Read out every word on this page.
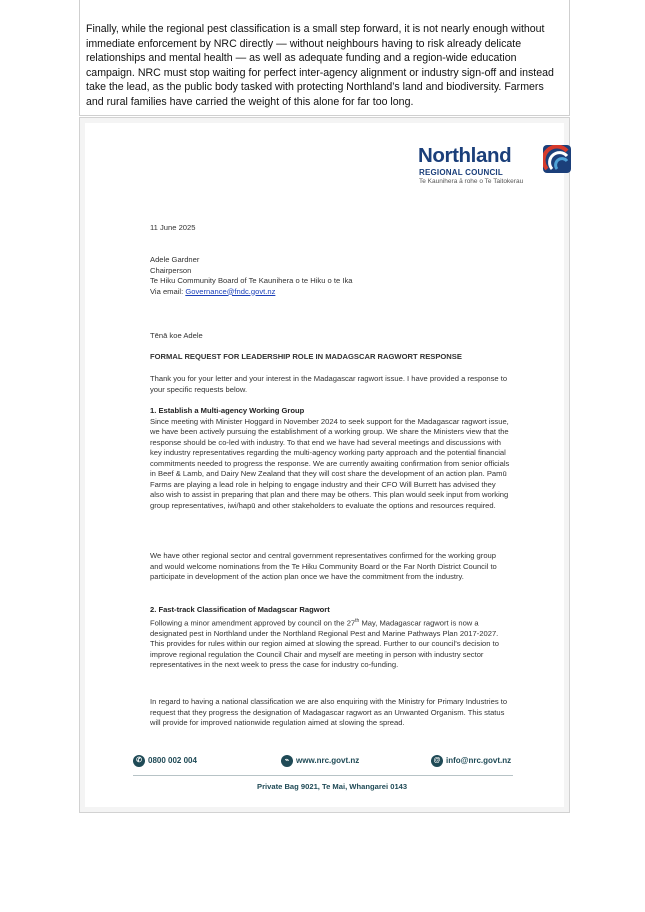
Finally, while the regional pest classification is a small step forward, it is not nearly enough without immediate enforcement by NRC directly — without neighbours having to risk already delicate relationships and mental health — as well as adequate funding and a region-wide education campaign. NRC must stop waiting for perfect inter-agency alignment or industry sign-off and instead take the lead, as the public body tasked with protecting Northland’s land and biodiversity. Farmers and rural families have carried the weight of this alone for far too long.
Northland
REGIONAL COUNCIL
Te Kaunihera ā rohe o Te Taitokerau
11 June 2025

Adele Gardner

Chairperson

Te Hiku Community Board of Te Kaunihera o te Hiku o te Ika

Via email: Governance@fndc.govt.nz

Tēnā koe Adele
FORMAL REQUEST FOR LEADERSHIP ROLE IN MADAGSCAR RAGWORT RESPONSE
Thank you for your letter and your interest in the Madagascar ragwort issue. I have provided a response to your specific requests below.

1. Establish a Multi-agency Working Group

Since meeting with Minister Hoggard in November 2024 to seek support for the Madagascar ragwort issue, we have been actively pursuing the establishment of a working group. We share the Ministers view that the response should be co-led with industry. To that end we have had several meetings and discussions with key industry representatives regarding the multi-agency working party approach and the potential financial commitments needed to progress the response. We are currently awaiting confirmation from senior officials in Beef & Lamb, and Dairy New Zealand that they will cost share the development of an action plan. Pamū Farms are playing a lead role in helping to engage industry and their CFO Will Burrett has advised they also wish to assist in preparing that plan and there may be others. This plan would seek input from working group representatives, iwi/hapū and other stakeholders to evaluate the options and resources required.

We have other regional sector and central government representatives confirmed for the working group and would welcome nominations from the Te Hiku Community Board or the Far North District Council to participate in development of the action plan once we have the commitment from the industry.

2. Fast-track Classification of Madagscar Ragwort

Following a minor amendment approved by council on the 27th May, Madagascar ragwort is now a designated pest in Northland under the Northland Regional Pest and Marine Pathways Plan 2017-2027. This provides for rules within our region aimed at slowing the spread. Further to our council’s decision to improve regional regulation the Council Chair and myself are meeting in person with industry sector representatives in the next week to press the case for industry co-funding.

In regard to having a national classification we are also enquiring with the Ministry for Primary Industries to request that they progress the designation of Madagascar ragwort as an Unwanted Organism. This status will provide for improved nationwide regulation aimed at slowing the spread.
✆ 0800 002 004	⌁ www.nrc.govt.nz	@ info@nrc.govt.nz
Private Bag 9021, Te Mai, Whangarei 0143
